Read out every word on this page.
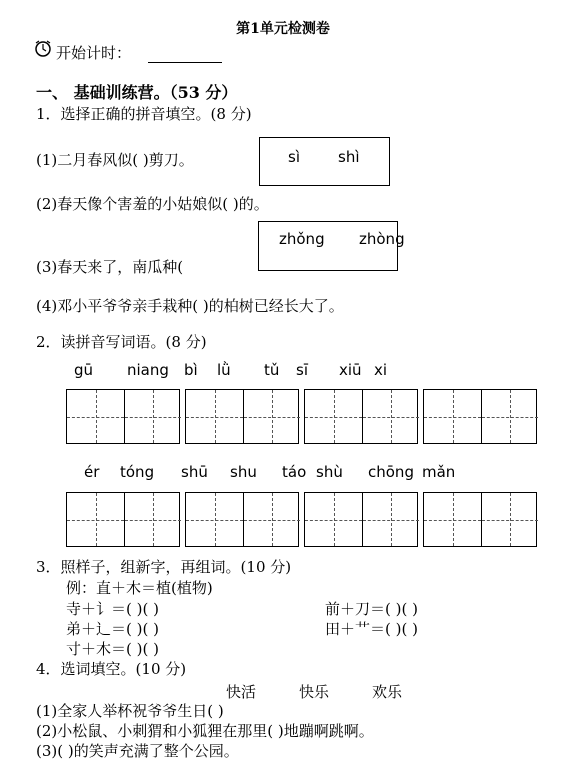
第1单元检测卷
开始计时：
一、 基础训练营。（53 分）
1．选择正确的拼音填空。(8 分)
(1)二月春风似( )剪刀。
(2)春天像个害羞的小姑娘似( )的。
(3)春天来了，南瓜种(
(4)邓小平爷爷亲手栽种( )的柏树已经长大了。
sì	shì
zhǒng zhòng
2．读拼音写词语。(8 分)
gū niang bì lǜ tǔ sī xiū xi
ér tóng shū shu táo shù chōng mǎn
3．照样子，组新字，再组词。(10 分)
例：直＋木＝植(植物)
寺＋讠＝( )( )
弟＋辶＝( )( )
寸＋木＝( )( )
前＋刀＝( )( )
田＋艹＝( )( )
4．选词填空。(10 分)
快活	快乐	欢乐
(1)全家人举杯祝爷爷生日( )
(2)小松鼠、小刺猬和小狐狸在那里( )地蹦啊跳啊。
(3)( )的笑声充满了整个公园。
